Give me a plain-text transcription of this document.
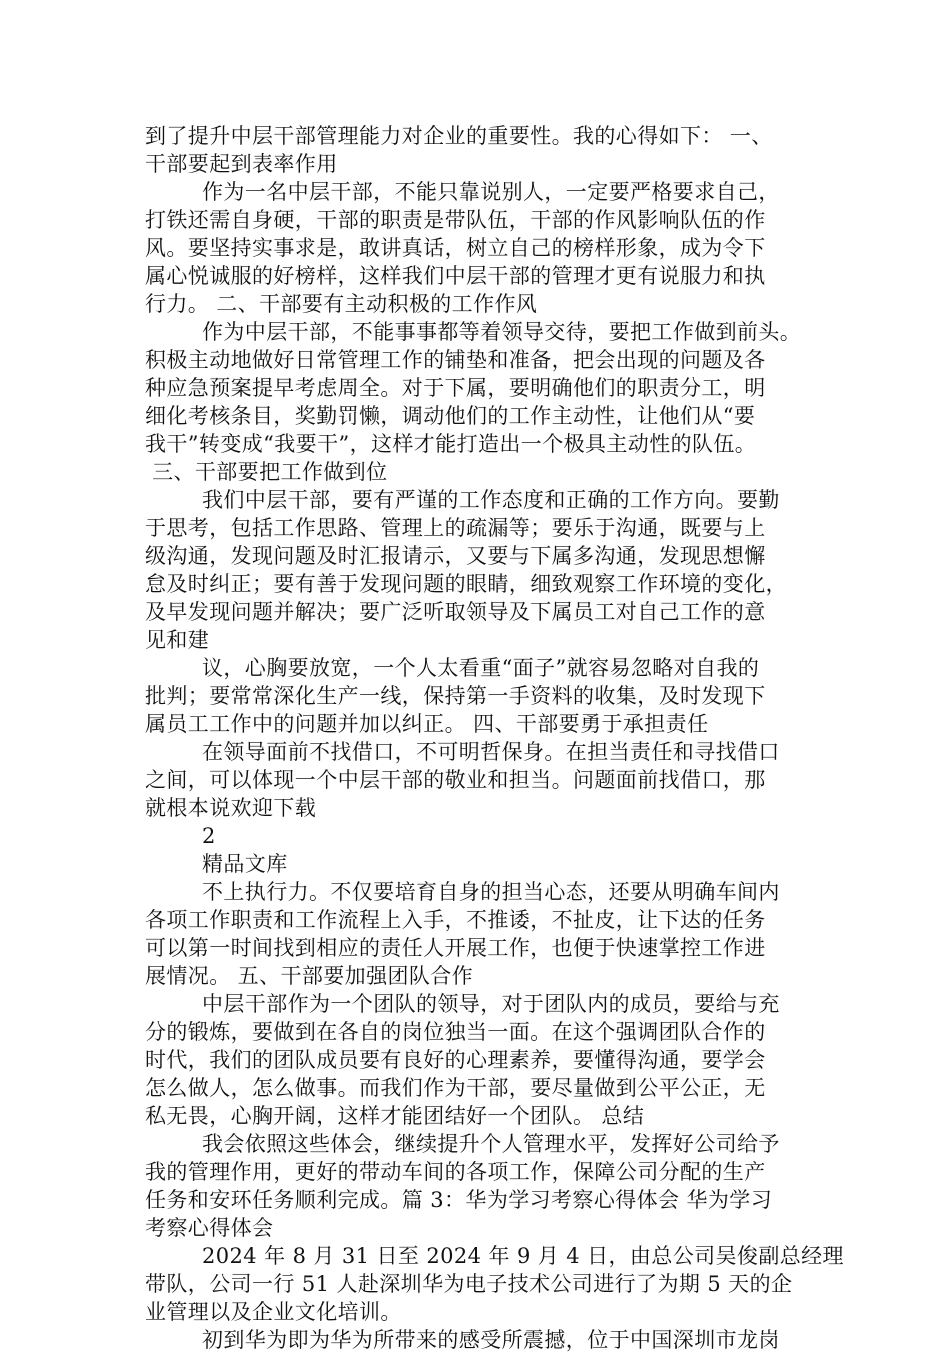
到了提升中层干部管理能力对企业的重要性。我的心得如下： 一、
干部要起到表率作用
作为一名中层干部，不能只靠说别人，一定要严格要求自己，
打铁还需自身硬，干部的职责是带队伍，干部的作风影响队伍的作
风。要坚持实事求是，敢讲真话，树立自己的榜样形象，成为令下
属心悦诚服的好榜样，这样我们中层干部的管理才更有说服力和执
行力。 二、干部要有主动积极的工作作风
作为中层干部，不能事事都等着领导交待，要把工作做到前头。
积极主动地做好日常管理工作的铺垫和准备，把会出现的问题及各
种应急预案提早考虑周全。对于下属，要明确他们的职责分工，明
细化考核条目，奖勤罚懒，调动他们的工作主动性，让他们从“要
我干”转变成“我要干”，这样才能打造出一个极具主动性的队伍。
三、干部要把工作做到位
我们中层干部，要有严谨的工作态度和正确的工作方向。要勤
于思考，包括工作思路、管理上的疏漏等；要乐于沟通，既要与上
级沟通，发现问题及时汇报请示，又要与下属多沟通，发现思想懈
怠及时纠正；要有善于发现问题的眼睛，细致观察工作环境的变化，
及早发现问题并解决；要广泛听取领导及下属员工对自己工作的意
见和建
议，心胸要放宽，一个人太看重“面子”就容易忽略对自我的
批判；要常常深化生产一线，保持第一手资料的收集，及时发现下
属员工工作中的问题并加以纠正。 四、干部要勇于承担责任
在领导面前不找借口，不可明哲保身。在担当责任和寻找借口
之间，可以体现一个中层干部的敬业和担当。问题面前找借口，那
就根本说欢迎下载
2
精品文库
不上执行力。不仅要培育自身的担当心态，还要从明确车间内
各项工作职责和工作流程上入手，不推诿，不扯皮，让下达的任务
可以第一时间找到相应的责任人开展工作，也便于快速掌控工作进
展情况。 五、干部要加强团队合作
中层干部作为一个团队的领导，对于团队内的成员，要给与充
分的锻炼，要做到在各自的岗位独当一面。在这个强调团队合作的
时代，我们的团队成员要有良好的心理素养，要懂得沟通，要学会
怎么做人，怎么做事。而我们作为干部，要尽量做到公平公正，无
私无畏，心胸开阔，这样才能团结好一个团队。 总结
我会依照这些体会，继续提升个人管理水平，发挥好公司给予
我的管理作用，更好的带动车间的各项工作，保障公司分配的生产
任务和安环任务顺利完成。篇 3：华为学习考察心得体会 华为学习
考察心得体会
2024 年 8 月 31 日至 2024 年 9 月 4 日，由总公司吴俊副总经理
带队，公司一行 51 人赴深圳华为电子技术公司进行了为期 5 天的企
业管理以及企业文化培训。
初到华为即为华为所带来的感受所震撼，位于中国深圳市龙岗
